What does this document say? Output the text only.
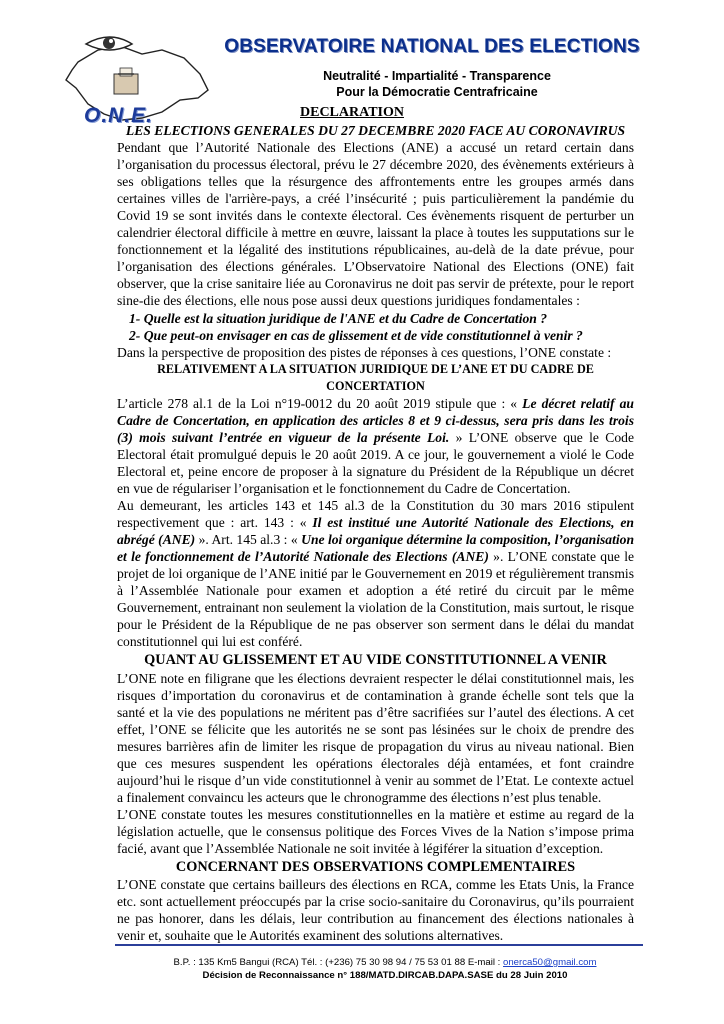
O.N.E.
OBSERVATOIRE NATIONAL DES ELECTIONS
Neutralité - Impartialité - Transparence
Pour la Démocratie Centrafricaine
DECLARATION

LES ELECTIONS GENERALES DU 27 DECEMBRE 2020 FACE AU CORONAVIRUS

Pendant que l’Autorité Nationale des Elections (ANE) a accusé un retard certain dans l’organisation du processus électoral, prévu le 27 décembre 2020, des évènements extérieurs à ses obligations telles que la résurgence des affrontements entre les groupes armés dans certaines villes de l'arrière-pays, a créé l’insécurité ; puis particulièrement la pandémie du Covid 19 se sont invités dans le contexte électoral. Ces évènements risquent de perturber un calendrier électoral difficile à mettre en œuvre, laissant la place à toutes les supputations sur le fonctionnement et la légalité des institutions républicaines, au-delà de la date prévue, pour l’organisation des élections générales. L’Observatoire National des Elections (ONE) fait observer, que la crise sanitaire liée au Coronavirus ne doit pas servir de prétexte, pour le report sine-die des élections, elle nous pose aussi deux questions juridiques fondamentales :

1- Quelle est la situation juridique de l'ANE et du Cadre de Concertation ?

2- Que peut-on envisager en cas de glissement et de vide constitutionnel à venir ?

Dans la perspective de proposition des pistes de réponses à ces questions, l’ONE constate :

RELATIVEMENT A LA SITUATION JURIDIQUE DE L’ANE ET DU CADRE DE CONCERTATION

L’article 278 al.1 de la Loi n°19-0012 du 20 août 2019 stipule que : « Le décret relatif au Cadre de Concertation, en application des articles 8 et 9 ci-dessus, sera pris dans les trois (3) mois suivant l’entrée en vigueur de la présente Loi. » L’ONE observe que le Code Electoral était promulgué depuis le 20 août 2019. A ce jour, le gouvernement a violé le Code Electoral et, peine encore de proposer à la signature du Président de la République un décret en vue de régulariser l’organisation et le fonctionnement du Cadre de Concertation.

Au demeurant, les articles 143 et 145 al.3 de la Constitution du 30 mars 2016 stipulent respectivement que : art. 143 : « Il est institué une Autorité Nationale des Elections, en abrégé (ANE) ». Art. 145 al.3 : « Une loi organique détermine la composition, l’organisation et le fonctionnement de l’Autorité Nationale des Elections (ANE) ». L’ONE constate que le projet de loi organique de l’ANE initié par le Gouvernement en 2019 et régulièrement transmis à l’Assemblée Nationale pour examen et adoption a été retiré du circuit par le même Gouvernement, entrainant non seulement la violation de la Constitution, mais surtout, le risque pour le Président de la République de ne pas observer son serment dans le délai du mandat constitutionnel qui lui est conféré.

QUANT AU GLISSEMENT ET AU VIDE CONSTITUTIONNEL A VENIR

L’ONE note en filigrane que les élections devraient respecter le délai constitutionnel mais, les risques d’importation du coronavirus et de contamination à grande échelle sont tels que la santé et la vie des populations ne méritent pas d’être sacrifiées sur l’autel des élections. A cet effet, l’ONE se félicite que les autorités ne se sont pas lésinées sur le choix de prendre des mesures barrières afin de limiter les risque de propagation du virus au niveau national. Bien que ces mesures suspendent les opérations électorales déjà entamées, et font craindre aujourd’hui le risque d’un vide constitutionnel à venir au sommet de l’Etat. Le contexte actuel a finalement convaincu les acteurs que le chronogramme des élections n’est plus tenable.

L’ONE constate toutes les mesures constitutionnelles en la matière et estime au regard de la législation actuelle, que le consensus politique des Forces Vives de la Nation s’impose prima facié, avant que l’Assemblée Nationale ne soit invitée à légiférer la situation d’exception.

CONCERNANT DES OBSERVATIONS COMPLEMENTAIRES

L’ONE constate que certains bailleurs des élections en RCA, comme les Etats Unis, la France etc. sont actuellement préoccupés par la crise socio-sanitaire du Coronavirus, qu’ils pourraient ne pas honorer, dans les délais, leur contribution au financement des élections nationales à venir et, souhaite que le Autorités examinent des solutions alternatives.

B.P. : 135 Km5 Bangui (RCA) Tél. : (+236) 75 30 98 94 / 75 53 01 88 E-mail : onerca50@gmail.com
Décision de Reconnaissance n° 188/MATD.DIRCAB.DAPA.SASE du 28 Juin 2010
